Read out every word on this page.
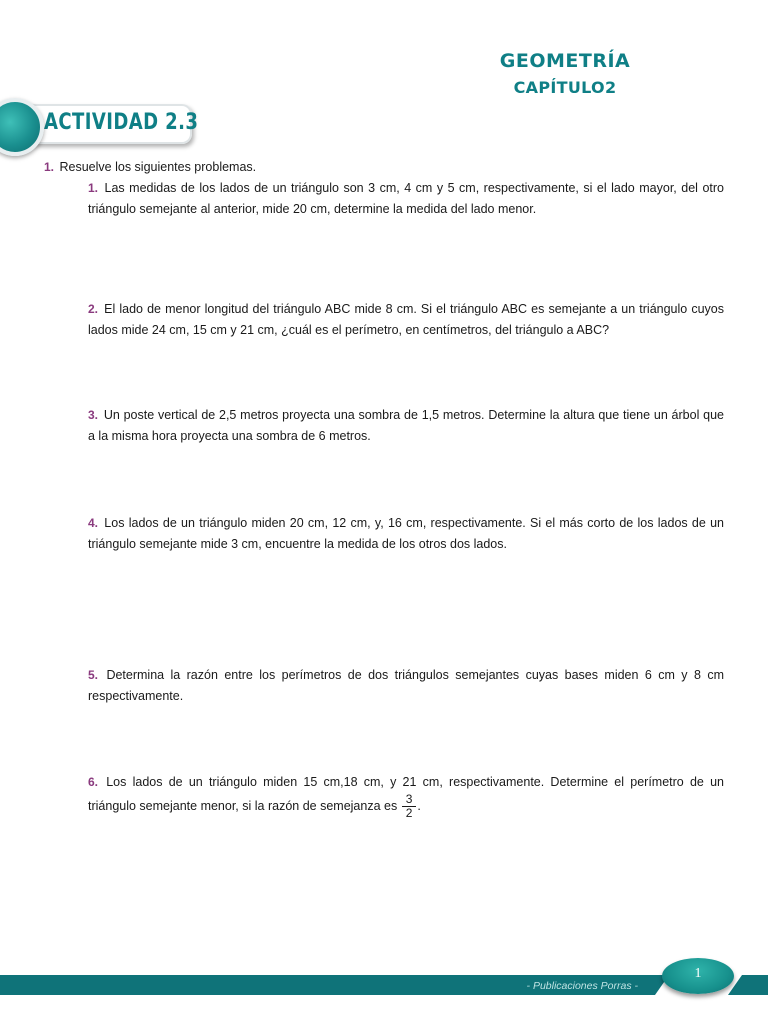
GEOMETRÍA
CAPÍTULO2
ACTIVIDAD 2.3
1. Resuelve los siguientes problemas.
1. Las medidas de los lados de un triángulo son 3 cm, 4 cm y 5 cm, respectivamente, si el lado mayor, del otro triángulo semejante al anterior, mide 20 cm, determine la medida del lado menor.
2. El lado de menor longitud del triángulo ABC mide 8 cm. Si el triángulo ABC es semejante a un triángulo cuyos lados mide 24 cm, 15 cm y 21 cm, ¿cuál es el perímetro, en centímetros, del triángulo a ABC?
3. Un poste vertical de 2,5 metros proyecta una sombra de 1,5 metros. Determine la altura que tiene un árbol que a la misma hora proyecta una sombra de 6 metros.
4. Los lados de un triángulo miden 20 cm, 12 cm, y, 16 cm, respectivamente. Si el más corto de los lados de un triángulo semejante mide 3 cm, encuentre la medida de los otros dos lados.
5. Determina la razón entre los perímetros de dos triángulos semejantes cuyas bases miden 6 cm y 8 cm respectivamente.
6. Los lados de un triángulo miden 15 cm,18 cm, y 21 cm, respectivamente. Determine el perímetro de un triángulo semejante menor, si la razón de semejanza es $\frac{3}{2}$ .
- Publicaciones Porras -
1
